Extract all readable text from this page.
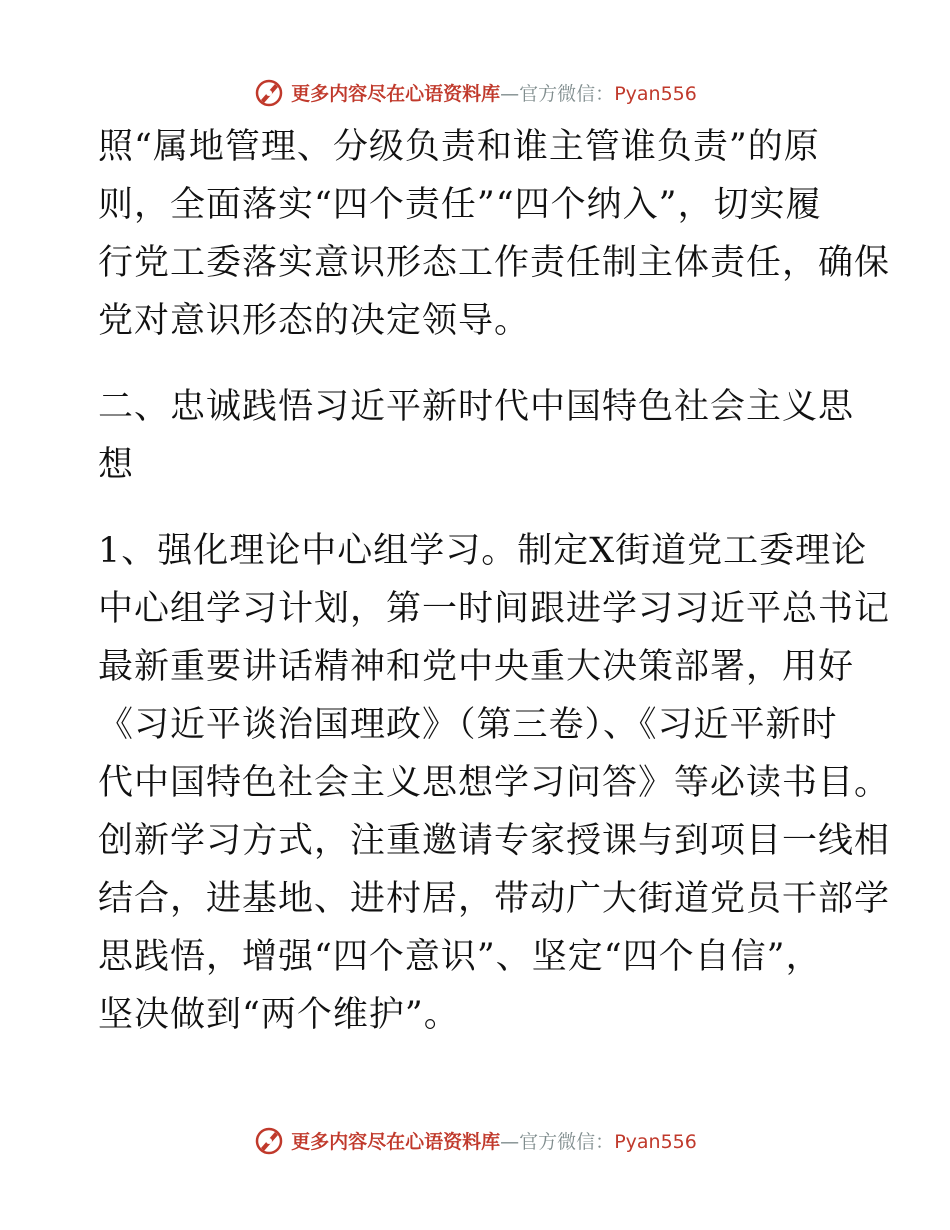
更多内容尽在心语资料库—官方微信：Pyan556
照“属地管理、分级负责和谁主管谁负责”的原
则，全面落实“四个责任”“四个纳入”，切实履
行党工委落实意识形态工作责任制主体责任，确保
党对意识形态的决定领导。
二、忠诚践悟习近平新时代中国特色社会主义思
想
1、强化理论中心组学习。制定X街道党工委理论
中心组学习计划，第一时间跟进学习习近平总书记
最新重要讲话精神和党中央重大决策部署，用好
《习近平谈治国理政》（第三卷）、《习近平新时
代中国特色社会主义思想学习问答》等必读书目。
创新学习方式，注重邀请专家授课与到项目一线相
结合，进基地、进村居，带动广大街道党员干部学
思践悟，增强“四个意识”、坚定“四个自信”，
坚决做到“两个维护”。
更多内容尽在心语资料库—官方微信：Pyan556
